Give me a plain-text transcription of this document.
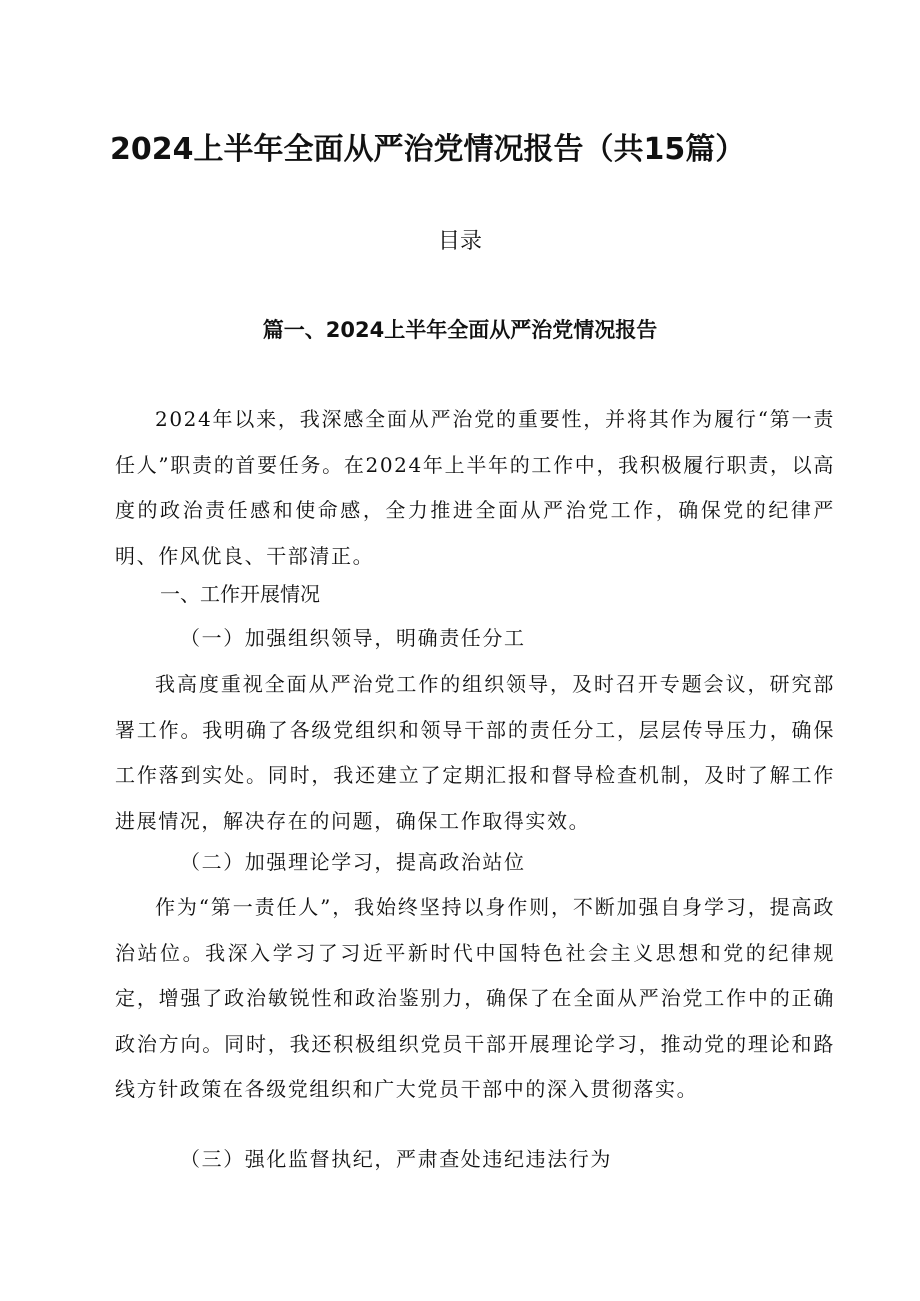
2024上半年全面从严治党情况报告（共15篇）
目录
篇一、2024上半年全面从严治党情况报告

2024年以来，我深感全面从严治党的重要性，并将其作为履行“第一责任人”职责的首要任务。在2024年上半年的工作中，我积极履行职责，以高度的政治责任感和使命感，全力推进全面从严治党工作，确保党的纪律严明、作风优良、干部清正。

一、工作开展情况
（一）加强组织领导，明确责任分工

我高度重视全面从严治党工作的组织领导，及时召开专题会议，研究部署工作。我明确了各级党组织和领导干部的责任分工，层层传导压力，确保工作落到实处。同时，我还建立了定期汇报和督导检查机制，及时了解工作进展情况，解决存在的问题，确保工作取得实效。

（二）加强理论学习，提高政治站位

作为“第一责任人”，我始终坚持以身作则，不断加强自身学习，提高政治站位。我深入学习了习近平新时代中国特色社会主义思想和党的纪律规定，增强了政治敏锐性和政治鉴别力，确保了在全面从严治党工作中的正确政治方向。同时，我还积极组织党员干部开展理论学习，推动党的理论和路线方针政策在各级党组织和广大党员干部中的深入贯彻落实。

（三）强化监督执纪，严肃查处违纪违法行为
